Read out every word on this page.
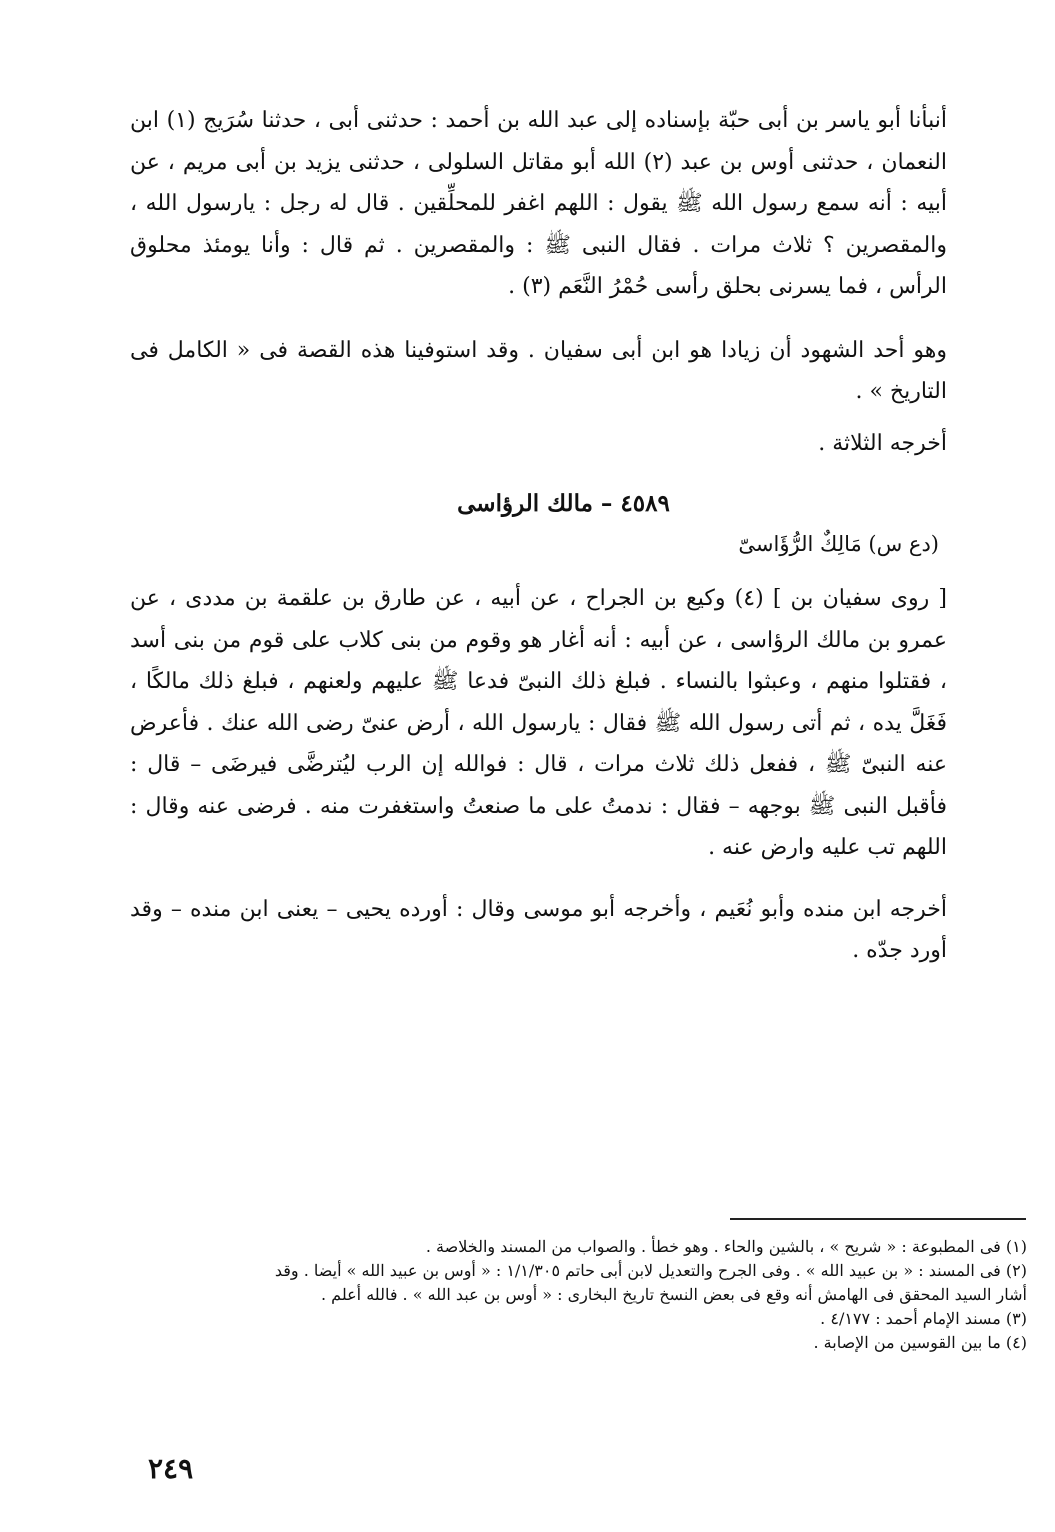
أنبأنا أبو ياسر بن أبى حبّة بإسناده إلى عبد الله بن أحمد : حدثنى أبى ، حدثنا سُرَيج (١) ابن النعمان ، حدثنى أوس بن عبد (٢) الله أبو مقاتل السلولى ، حدثنى يزيد بن أبى مريم ، عن أبيه : أنه سمع رسول الله ﷺ يقول : اللهم اغفر للمحلِّقين . قال له رجل : يارسول الله ، والمقصرين ؟ ثلاث مرات . فقال النبى ﷺ : والمقصرين . ثم قال : وأنا يومئذ محلوق الرأس ، فما يسرنى بحلق رأسى حُمْرُ النَّعَم (٣) .

وهو أحد الشهود أن زيادا هو ابن أبى سفيان . وقد استوفينا هذه القصة فى « الكامل فى التاريخ » .

أخرجه الثلاثة .

٤٥٨٩ – مالك الرؤاسى
(دع س) مَالِكٌ الرُّؤَاسىّ

[ روى سفيان بن ] (٤) وكيع بن الجراح ، عن أبيه ، عن طارق بن علقمة بن مددى ، عن عمرو بن مالك الرؤاسى ، عن أبيه : أنه أغار هو وقوم من بنى كلاب على قوم من بنى أسد ، فقتلوا منهم ، وعبثوا بالنساء . فبلغ ذلك النبىّ فدعا ﷺ عليهم ولعنهم ، فبلغ ذلك مالكًا ، فَغَلَّ يده ، ثم أتى رسول الله ﷺ فقال : يارسول الله ، أرض عنىّ رضى الله عنك . فأعرض عنه النبىّ ﷺ ، ففعل ذلك ثلاث مرات ، قال : فوالله إن الرب ليُترضَّى فيرضَى – قال : فأقبل النبى ﷺ بوجهه – فقال : ندمتُ على ما صنعتُ واستغفرت منه . فرضى عنه وقال : اللهم تب عليه وارض عنه .

أخرجه ابن منده وأبو نُعَيم ، وأخرجه أبو موسى وقال : أورده يحيى – يعنى ابن منده – وقد أورد جدّه .

(١) فى المطبوعة : « شريح » ، بالشين والحاء . وهو خطأ . والصواب من المسند والخلاصة .

(٢) فى المسند : « بن عبيد الله » . وفى الجرح والتعديل لابن أبى حاتم ١/١/٣٠٥ : « أوس بن عبيد الله » أيضا . وقد

أشار السيد المحقق فى الهامش أنه وقع فى بعض النسخ تاريخ البخارى : « أوس بن عبد الله » . فالله أعلم .

(٣) مسند الإمام أحمد : ٤/١٧٧ .

(٤) ما بين القوسين من الإصابة .

٢٤٩
